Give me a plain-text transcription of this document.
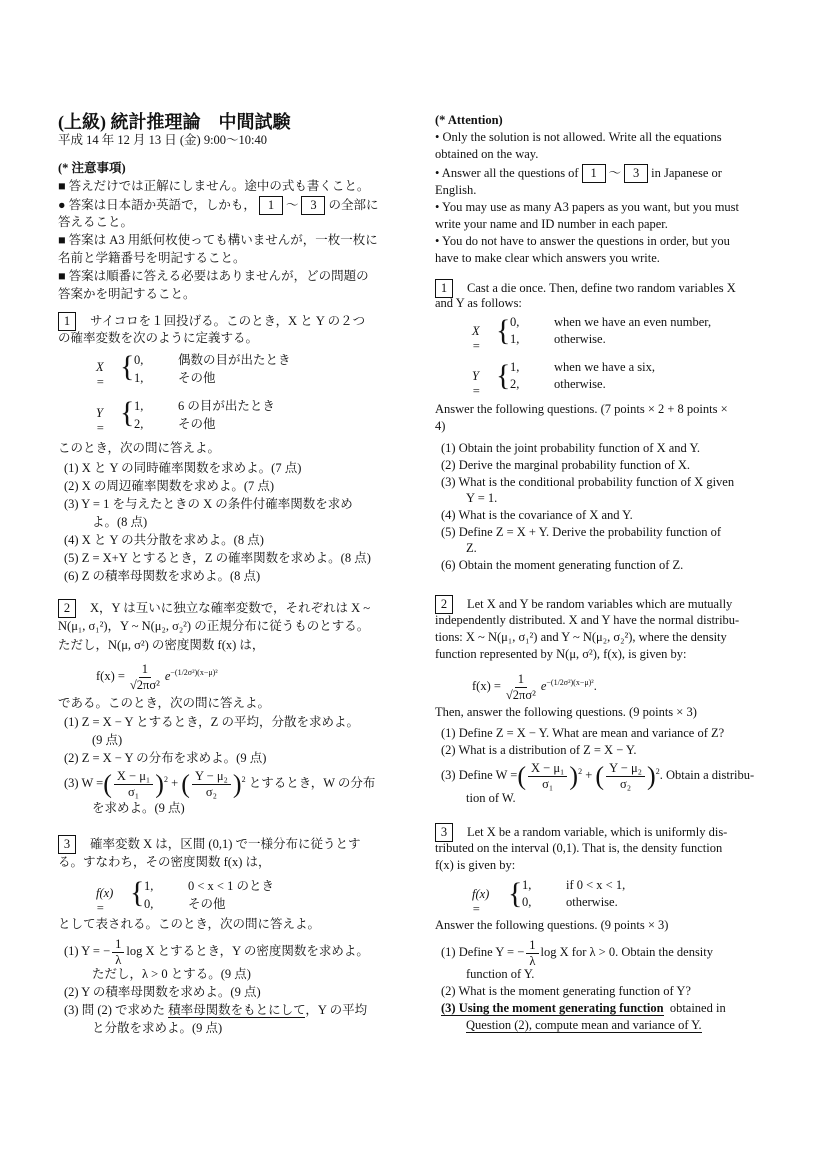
(上級) 統計推理論　中間試験
平成 14 年 12 月 13 日 (金) 9:00〜10:40
(* 注意事項)
■ 答えだけでは正解にしません。途中の式も書くこと。
● 答案は日本語か英語で，しかも， 1 〜 3 の全部に
答えること。
■ 答案は A3 用紙何枚使っても構いませんが，一枚一枚に
名前と学籍番号を明記すること。
■ 答案は順番に答える必要はありませんが，どの問題の
答案かを明記すること。
1 サイコロを１回投げる。このとき，X と Y の２つ
の確率変数を次のように定義する。
X = { 0,	偶数の目が出たとき
1,	その他
Y = { 1,	6 の目が出たとき
2,	その他
このとき，次の問に答えよ。
(1) X と Y の同時確率関数を求めよ。(7 点)
(2) X の周辺確率関数を求めよ。(7 点)
(3) Y = 1 を与えたときの X の条件付確率関数を求め
よ。(8 点)
(4) X と Y の共分散を求めよ。(8 点)
(5) Z = X+Y とするとき，Z の確率関数を求めよ。(8 点)
(6) Z の積率母関数を求めよ。(8 点)
2 X，Y は互いに独立な確率変数で，それぞれは X ~
N(μ₁, σ₁²)，Y ~ N(μ₂, σ₂²) の正規分布に従うものとする。
ただし，N(μ, σ²) の密度関数 f(x) は，
$f(x) = \frac{1}{\text{√2πσ²}} e^{-(1/2\sigma^2)(x-\mu)^2}$
である。このとき，次の問に答えよ。
(1) Z = X − Y とするとき，Z の平均，分散を求めよ。
(9 点)
(2) Z = X − Y の分布を求めよ。(9 点)
(3) W =( $\frac{\text{X − μ₁}}{\text{σ₁}} )^2$ + ( $\frac{\text{Y − μ₂}}{\text{σ₂}} )^2$ とするとき，W の分布
を求めよ。(9 点)
3 確率変数 X は，区間 (0,1) で一様分布に従うとす
る。すなわち，その密度関数 f(x) は，
f(x) = { 1,	0 < x < 1 のとき
0,	その他
として表される。このとき，次の問に答えよ。
(1) Y = − $\frac{1}{\lambda}$ log X とするとき，Y の密度関数を求めよ。
ただし，λ > 0 とする。(9 点)
(2) Y の積率母関数を求めよ。(9 点)
(3) 問 (2) で求めた 積率母関数をもとにして，Y の平均
と分散を求めよ。(9 点)
(* Attention)
• Only the solution is not allowed. Write all the equations
obtained on the way.
• Answer all the questions of 1 〜 3 in Japanese or
English.
• You may use as many A3 papers as you want, but you must
write your name and ID number in each paper.
• You do not have to answer the questions in order, but you
have to make clear which answers you write.
1 Cast a die once. Then, define two random variables X
and Y as follows:
X = { 0,	when we have an even number,
1,	otherwise.
Y = { 1,	when we have a six,
2,	otherwise.
Answer the following questions. (7 points × 2 + 8 points ×
4)
(1) Obtain the joint probability function of X and Y.
(2) Derive the marginal probability function of X.
(3) What is the conditional probability function of X given
Y = 1.
(4) What is the covariance of X and Y.
(5) Define Z = X + Y. Derive the probability function of
Z.
(6) Obtain the moment generating function of Z.
2 Let X and Y be random variables which are mutually
independently distributed. X and Y have the normal distribu-
tions: X ~ N(μ₁, σ₁²) and Y ~ N(μ₂, σ₂²), where the density
function represented by N(μ, σ²), f(x), is given by:
$f(x) = \frac{1}{\text{√2πσ²}} e^{-(1/2\sigma^2)(x-\mu)^2}$.
Then, answer the following questions. (9 points × 3)
(1) Define Z = X − Y. What are mean and variance of Z?
(2) What is a distribution of Z = X − Y.
(3) Define W =( $\frac{\text{X − μ₁}}{\text{σ₁}} )^2$ + ( $\frac{\text{Y − μ₂}}{\text{σ₂}} )^2$. Obtain a distribu-
tion of W.
3 Let X be a random variable, which is uniformly dis-
tributed on the interval (0,1). That is, the density function
f(x) is given by:
f(x) = { 1,	if 0 < x < 1,
0,	otherwise.
Answer the following questions. (9 points × 3)
(1) Define Y = − $\frac{1}{\lambda}$ log X for λ > 0. Obtain the density
function of Y.
(2) What is the moment generating function of Y?
(3) Using the moment generating function obtained in
Question (2), compute mean and variance of Y.
